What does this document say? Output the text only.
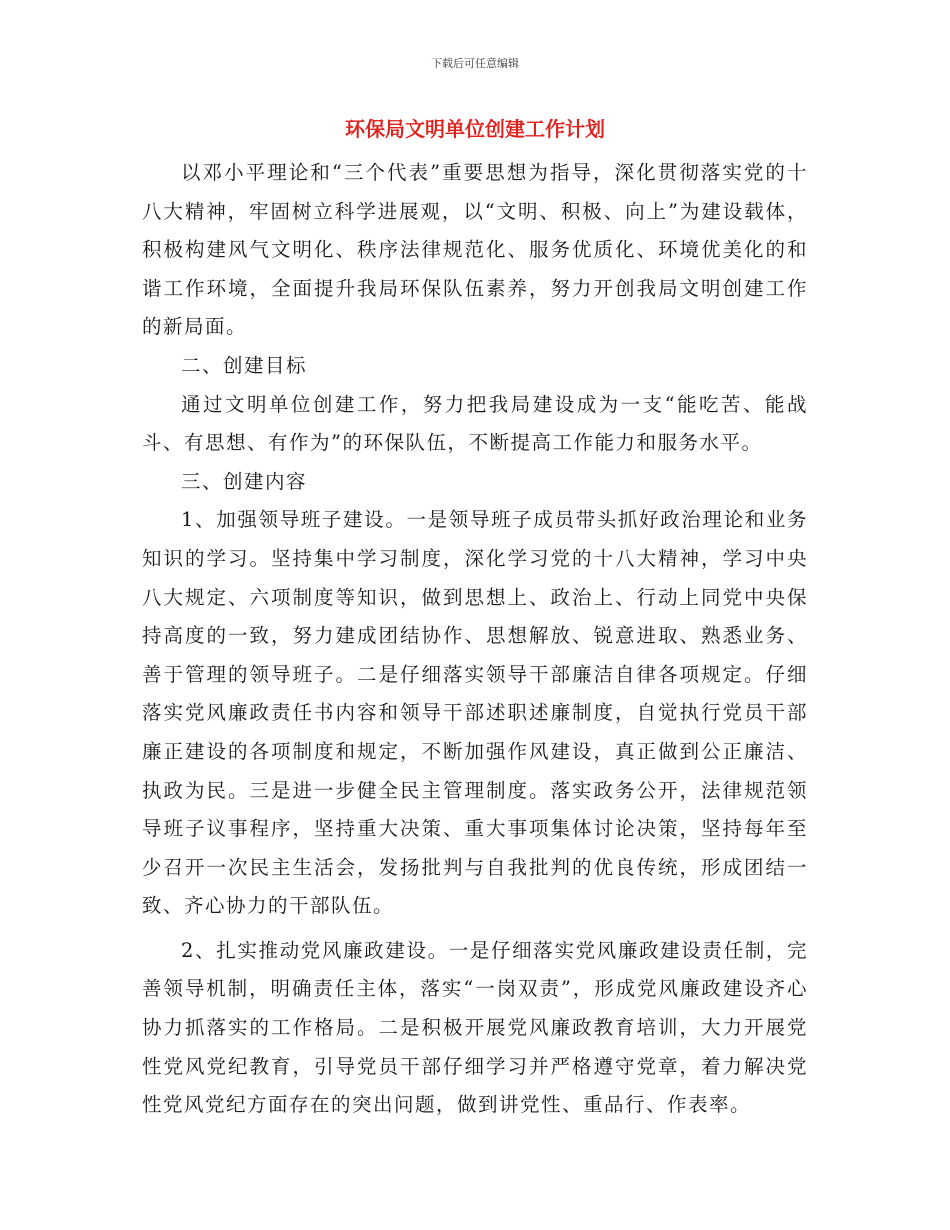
下载后可任意编辑
环保局文明单位创建工作计划

以邓小平理论和“三个代表”重要思想为指导，深化贯彻落实党的十八大精神，牢固树立科学进展观，以“文明、积极、向上”为建设载体，积极构建风气文明化、秩序法律规范化、服务优质化、环境优美化的和谐工作环境，全面提升我局环保队伍素养，努力开创我局文明创建工作的新局面。

二、创建目标

通过文明单位创建工作，努力把我局建设成为一支“能吃苦、能战斗、有思想、有作为”的环保队伍，不断提高工作能力和服务水平。

三、创建内容

1、加强领导班子建设。一是领导班子成员带头抓好政治理论和业务知识的学习。坚持集中学习制度，深化学习党的十八大精神，学习中央八大规定、六项制度等知识，做到思想上、政治上、行动上同党中央保持高度的一致，努力建成团结协作、思想解放、锐意进取、熟悉业务、善于管理的领导班子。二是仔细落实领导干部廉洁自律各项规定。仔细落实党风廉政责任书内容和领导干部述职述廉制度，自觉执行党员干部廉正建设的各项制度和规定，不断加强作风建设，真正做到公正廉洁、执政为民。三是进一步健全民主管理制度。落实政务公开，法律规范领导班子议事程序，坚持重大决策、重大事项集体讨论决策，坚持每年至少召开一次民主生活会，发扬批判与自我批判的优良传统，形成团结一致、齐心协力的干部队伍。

2、扎实推动党风廉政建设。一是仔细落实党风廉政建设责任制，完善领导机制，明确责任主体，落实“一岗双责”，形成党风廉政建设齐心协力抓落实的工作格局。二是积极开展党风廉政教育培训，大力开展党性党风党纪教育，引导党员干部仔细学习并严格遵守党章，着力解决党性党风党纪方面存在的突出问题，做到讲党性、重品行、作表率。
